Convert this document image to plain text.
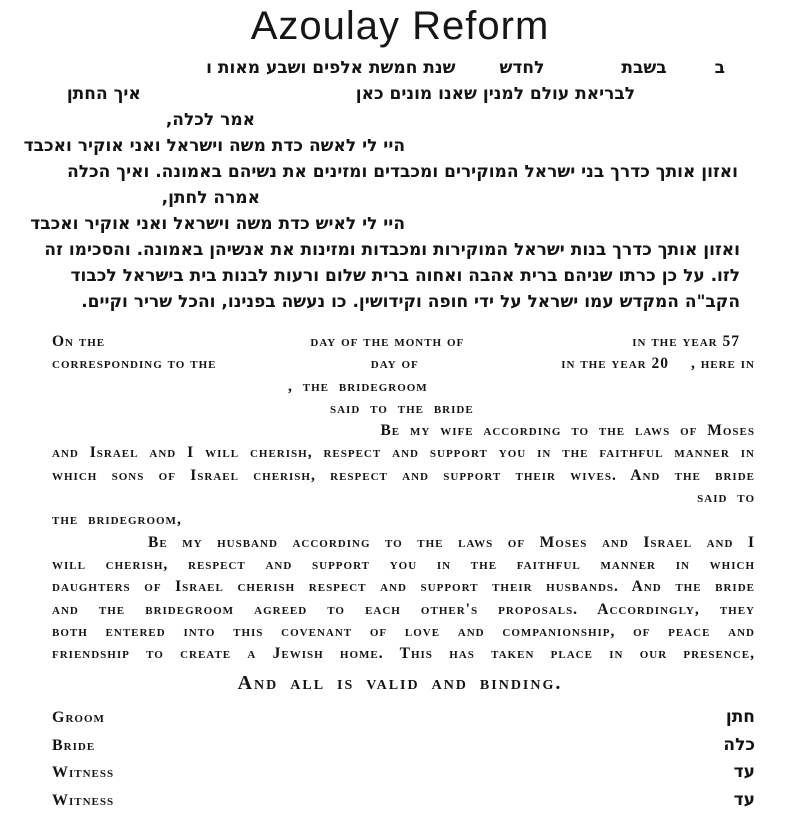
Azoulay Reform
בבשבתלחדששנת חמשת אלפים ושבע מאות ו
לבריאת עולם למנין שאנו מונים כאןאיך החתן
אמר לכלה,
היי לי לאשה כדת משה וישראל ואני אוקיר ואכבד
ואזון אותך כדרך בני ישראל המוקירים ומכבדים ומזינים את נשיהם באמונה. ואיך הכלה
אמרה לחתן,
היי לי לאיש כדת משה וישראל ואני אוקיר ואכבד
ואזון אותך כדרך בנות ישראל המוקירות ומכבדות ומזינות את אנשיהן באמונה. והסכימו זה
לזו. על כן כרתו שניהם ברית אהבה ואחוה ברית שלום ורעות לבנות בית בישראל לכבוד
הקב"ה המקדש עמו ישראל על ידי חופה וקידושין. כו נעשה בפנינו, והכל שריר וקיים.
On the	day of the month of	in the year 57
corresponding to the	day of	in the year 20 , here in
, the bridegroom
said to the bride
Be my wife according to the laws of Moses
and Israel and I will cherish, respect and support you in the faithful manner in
which sons of Israel cherish, respect and support their wives. And the bride
said to
the bridegroom,
Be my husband according to the laws of Moses and Israel and I
will cherish, respect and support you in the faithful manner in which
daughters of Israel cherish respect and support their husbands. And the bride
and the bridegroom agreed to each other's proposals. Accordingly, they
both entered into this covenant of love and companionship, of peace and
friendship to create a Jewish home. This has taken place in our presence,
And all is valid and binding.
Groom	חתן
Bride	כלה
Witness	עד
Witness	עד
